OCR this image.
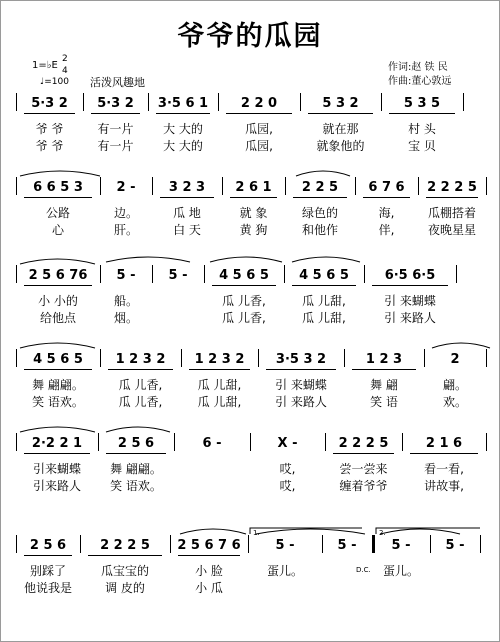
爷爷的瓜园
1=♭E
2
4
♩=100 活泼风趣地
作词:赵 铁 民
作曲:董心敦远
5·3 2
爷 爷
爷 爷
5·3 2
有一片
有一片
3·5 6 1
大 大的
大 大的
2 2 0
瓜园,
瓜园,
5 3 2
就在那
就象他的
5 3 5
村 头
宝 贝
6 6 5 3
公路
心
2 -
边。
肝。
3 2 3
瓜 地
白 天
2 6 1
就 象
黄 狗
2 2 5
绿色的
和他作
6 7 6
海,
伴,
2 2 2 5
瓜棚搭着
夜晚星星
2 5 6 76
小 小的
给他点
5 -
船。
烟。
5 -	4 5 6 5
瓜 儿香,
瓜 儿香,
4 5 6 5
瓜 儿甜,
瓜 儿甜,
6·5 6·5
引 来蝴蝶
引 来路人
4 5 6 5
舞 翩翩。
笑 语欢。
1 2 3 2
瓜 儿香,
瓜 儿香,
1 2 3 2
瓜 儿甜,
瓜 儿甜,
3·5 3 2
引 来蝴蝶
引 来路人
1 2 3
舞 翩
笑 语
2
翩。
欢。
2·2 2 1
引来蝴蝶
引来路人
2 5 6
舞 翩翩。
笑 语欢。
6 -	X -
哎,
哎,
2 2 2 5
尝一尝来
缠着爷爷
2 1 6
看一看,
讲故事,
2 5 6
别踩了
他说我是
2 2 2 5
瓜宝宝的
调 皮的
2 5 6 7 6
小 脸
小 瓜
5 -
蛋儿。
5 -	5 -
蛋儿。
5 -
1.	2.
D.C.
